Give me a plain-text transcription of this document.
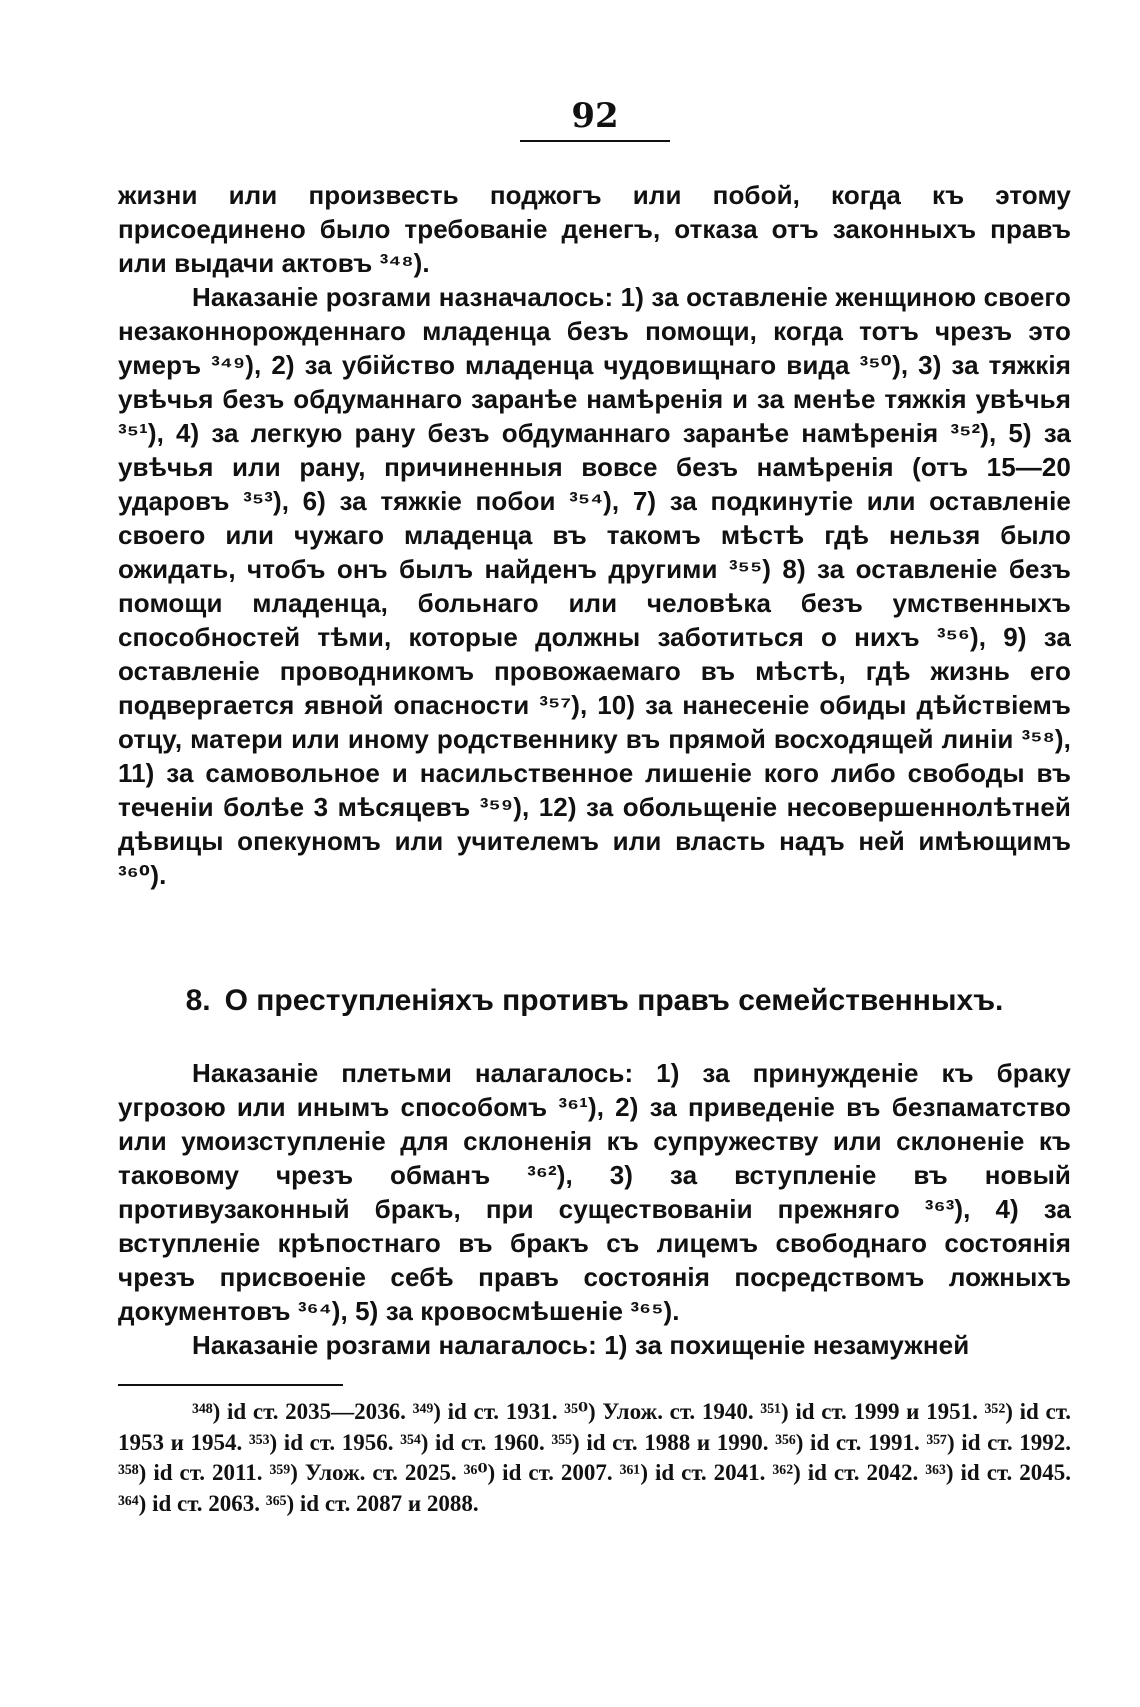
92

жизни или произвесть поджогъ или побой, когда къ этому присоединено было требованіе денегъ, отказа отъ законныхъ правъ или выдачи актовъ ³⁴⁸).

Наказаніе розгами назначалось: 1) за оставленіе женщиною своего незаконнорожденнаго младенца безъ помощи, когда тотъ чрезъ это умеръ ³⁴⁹), 2) за убійство младенца чудовищнаго вида ³⁵⁰), 3) за тяжкія увѣчья безъ обдуманнаго заранѣе намѣренія и за менѣе тяжкія увѣчья ³⁵¹), 4) за легкую рану безъ обдуманнаго заранѣе намѣренія ³⁵²), 5) за увѣчья или рану, причиненныя вовсе безъ намѣренія (отъ 15—20 ударовъ ³⁵³), 6) за тяжкіе побои ³⁵⁴), 7) за подкинутіе или оставленіе своего или чужаго младенца въ такомъ мѣстѣ гдѣ нельзя было ожидать, чтобъ онъ былъ найденъ другими ³⁵⁵) 8) за оставленіе безъ помощи младенца, больнаго или человѣка безъ умственныхъ способностей тѣми, которые должны заботиться о нихъ ³⁵⁶), 9) за оставленіе проводникомъ провожаемаго въ мѣстѣ, гдѣ жизнь его подвергается явной опасности ³⁵⁷), 10) за нанесеніе обиды дѣйствіемъ отцу, матери или иному родственнику въ прямой восходящей линіи ³⁵⁸), 11) за самовольное и насильственное лишеніе кого либо свободы въ теченіи болѣе 3 мѣсяцевъ ³⁵⁹), 12) за обольщеніе несовершеннолѣтней дѣвицы опекуномъ или учителемъ или власть надъ ней имѣющимъ ³⁶⁰).

8. О преступленіяхъ противъ правъ семейственныхъ.

Наказаніе плетьми налагалось: 1) за принужденіе къ браку угрозою или инымъ способомъ ³⁶¹), 2) за приведеніе въ безпаматство или умоизступленіе для склоненія къ супружеству или склоненіе къ таковому чрезъ обманъ ³⁶²), 3) за вступленіе въ новый противузаконный бракъ, при существованіи прежняго ³⁶³), 4) за вступленіе крѣпостнаго въ бракъ съ лицемъ свободнаго состоянія чрезъ присвоеніе себѣ правъ состоянія посредствомъ ложныхъ документовъ ³⁶⁴), 5) за кровосмѣшеніе ³⁶⁵).

Наказаніе розгами налагалось: 1) за похищеніе незамужней

³⁴⁸) id ст. 2035—2036. ³⁴⁹) id ст. 1931. ³⁵⁰) Улож. ст. 1940. ³⁵¹) id ст. 1999 и 1951. ³⁵²) id ст. 1953 и 1954. ³⁵³) id ст. 1956. ³⁵⁴) id ст. 1960. ³⁵⁵) id ст. 1988 и 1990. ³⁵⁶) id ст. 1991. ³⁵⁷) id ст. 1992. ³⁵⁸) id ст. 2011. ³⁵⁹) Улож. ст. 2025. ³⁶⁰) id ст. 2007. ³⁶¹) id ст. 2041. ³⁶²) id ст. 2042. ³⁶³) id ст. 2045. ³⁶⁴) id ст. 2063. ³⁶⁵) id ст. 2087 и 2088.
